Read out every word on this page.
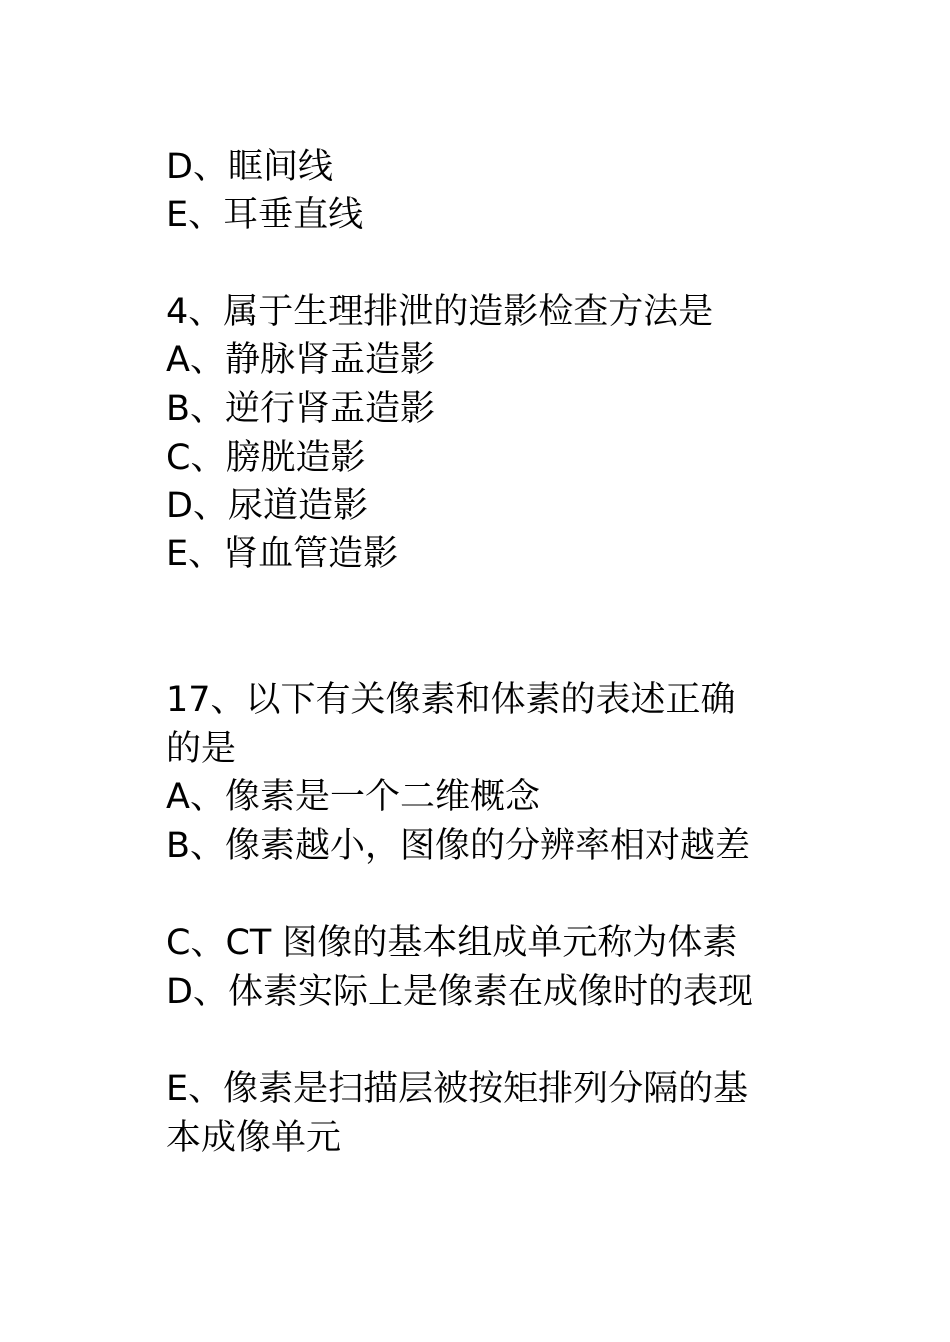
D、眶间线

E、耳垂直线

4、属于生理排泄的造影检查方法是

A、静脉肾盂造影

B、逆行肾盂造影

C、膀胱造影

D、尿道造影

E、肾血管造影

17、以下有关像素和体素的表述正确

的是

A、像素是一个二维概念

B、像素越小，图像的分辨率相对越差

C、CT 图像的基本组成单元称为体素

D、体素实际上是像素在成像时的表现

E、像素是扫描层被按矩排列分隔的基

本成像单元
